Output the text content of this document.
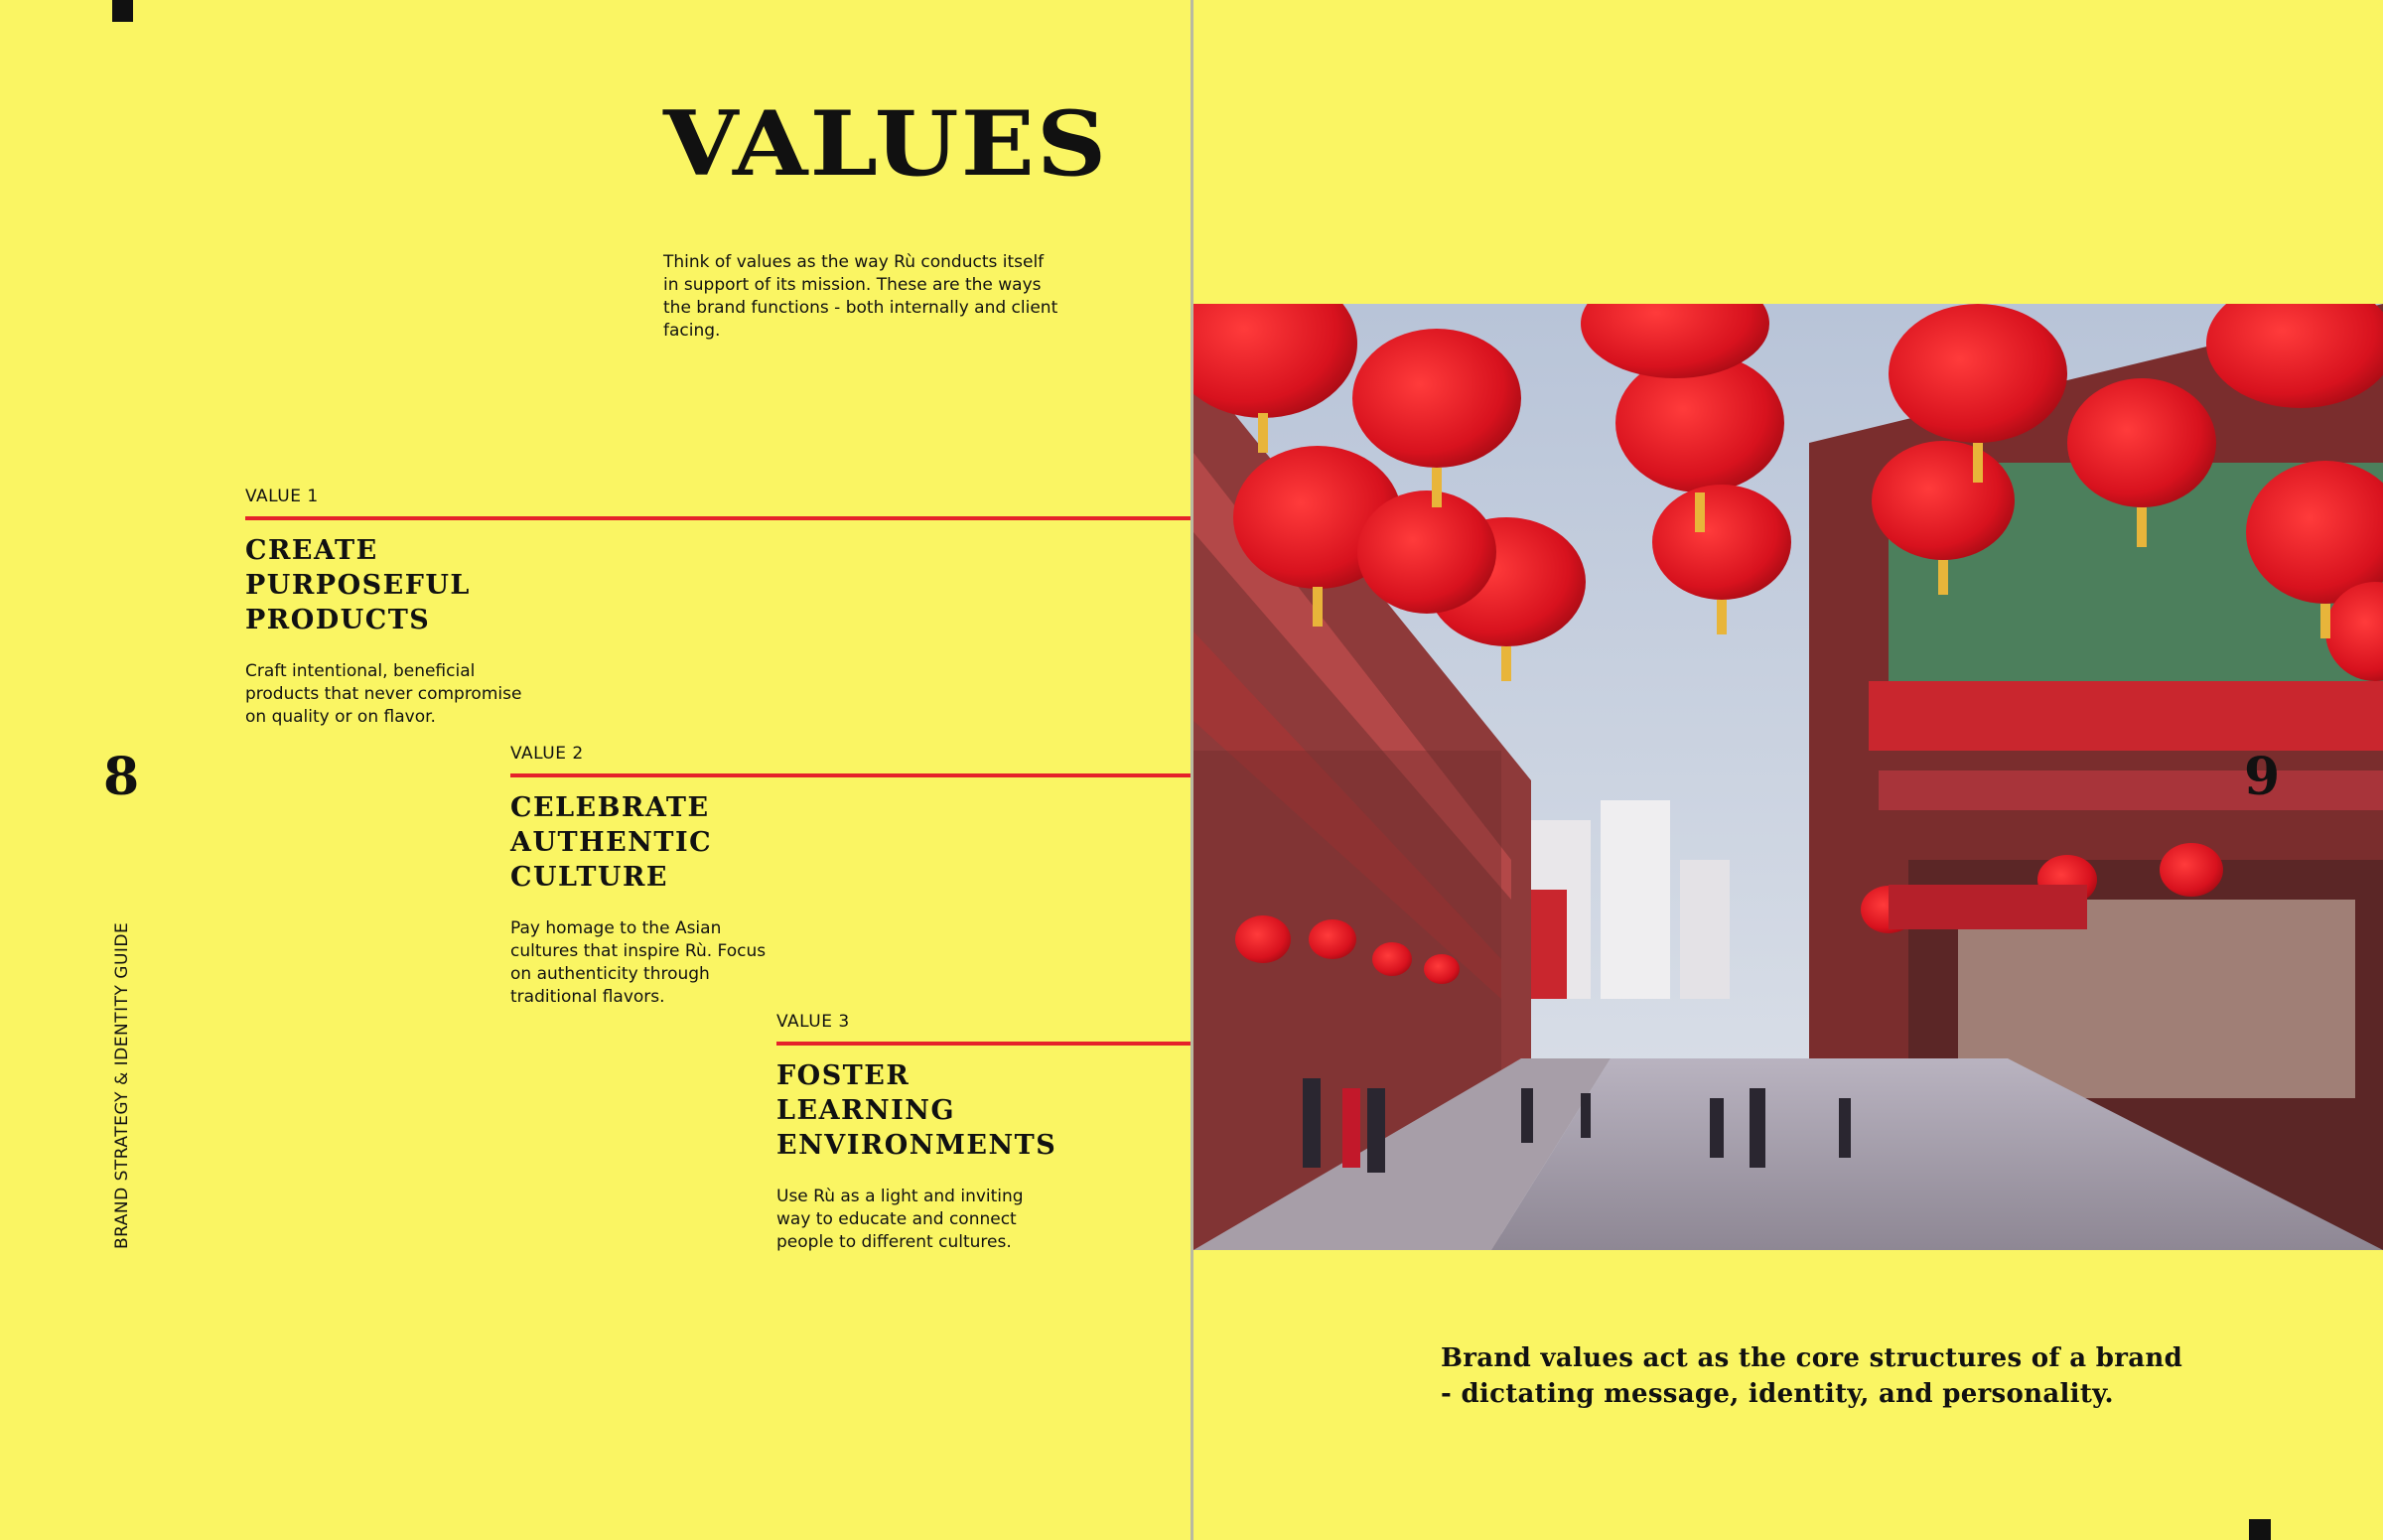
VALUES
Think of values as the way Rù conducts itself in support of its mission. These are the ways the brand functions - both internally and client facing.
VALUE 1
CREATE
PURPOSEFUL
PRODUCTS
Craft intentional, beneficial products that never compromise on quality or on flavor.
VALUE 2
CELEBRATE
AUTHENTIC
CULTURE
Pay homage to the Asian cultures that inspire Rù. Focus on authenticity through traditional flavors.
VALUE 3
FOSTER
LEARNING
ENVIRONMENTS
Use Rù as a light and inviting way to educate and connect people to different cultures.
8
BRAND STRATEGY & IDENTITY GUIDE
9
Brand values act as the core structures of a brand - dictating message, identity, and personality.
